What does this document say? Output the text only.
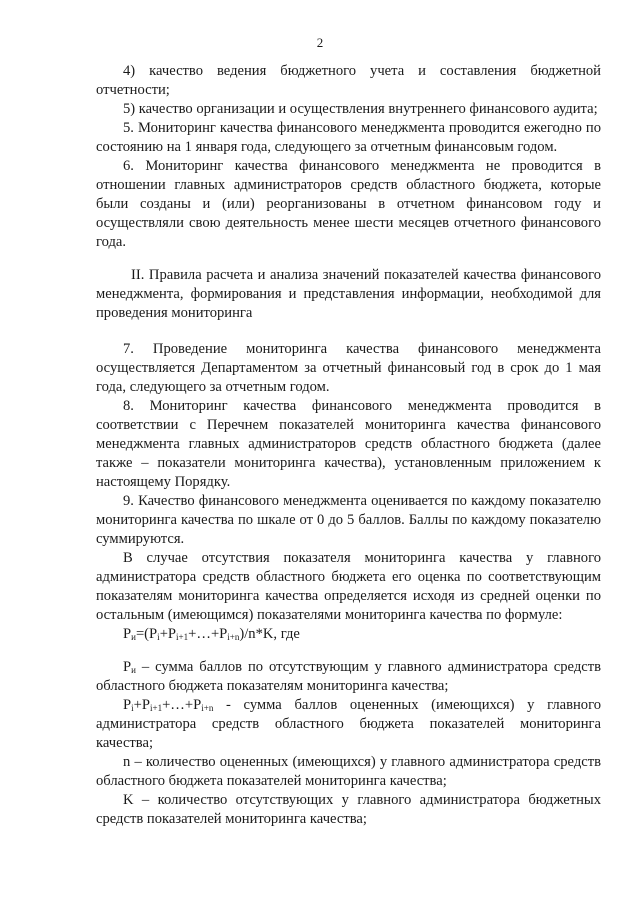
2

4) качество ведения бюджетного учета и составления бюджетной отчетности;

5) качество организации и осуществления внутреннего финансового аудита;

5. Мониторинг качества финансового менеджмента проводится ежегодно по состоянию на 1 января года, следующего за отчетным финансовым годом.

6. Мониторинг качества финансового менеджмента не проводится в отношении главных администраторов средств областного бюджета, которые были созданы и (или) реорганизованы в отчетном финансовом году и осуществляли свою деятельность менее шести месяцев отчетного финансового года.

II. Правила расчета и анализа значений показателей качества финансового менеджмента, формирования и представления информации, необходимой для проведения мониторинга

7. Проведение мониторинга качества финансового менеджмента осуществляется Департаментом за отчетный финансовый год в срок до 1 мая года, следующего за отчетным годом.

8. Мониторинг качества финансового менеджмента проводится в соответствии с Перечнем показателей мониторинга качества финансового менеджмента главных администраторов средств областного бюджета (далее также – показатели мониторинга качества), установленным приложением к настоящему Порядку.

9. Качество финансового менеджмента оценивается по каждому показателю мониторинга качества по шкале от 0 до 5 баллов. Баллы по каждому показателю суммируются.

В случае отсутствия показателя мониторинга качества у главного администратора средств областного бюджета его оценка по соответствующим показателям мониторинга качества определяется исходя из средней оценки по остальным (имеющимся) показателями мониторинга качества по формуле:

$P_и=(P_i+P_{i+1}+\dots+P_{i+n})/n*K$, где

$P_и$ – сумма баллов по отсутствующим у главного администратора средств областного бюджета показателям мониторинга качества;

$P_i+P_{i+1}+\dots+P_{i+n}$ - сумма баллов оцененных (имеющихся) у главного администратора средств областного бюджета показателей мониторинга качества;

n – количество оцененных (имеющихся) у главного администратора средств областного бюджета показателей мониторинга качества;

K – количество отсутствующих у главного администратора бюджетных средств показателей мониторинга качества;
